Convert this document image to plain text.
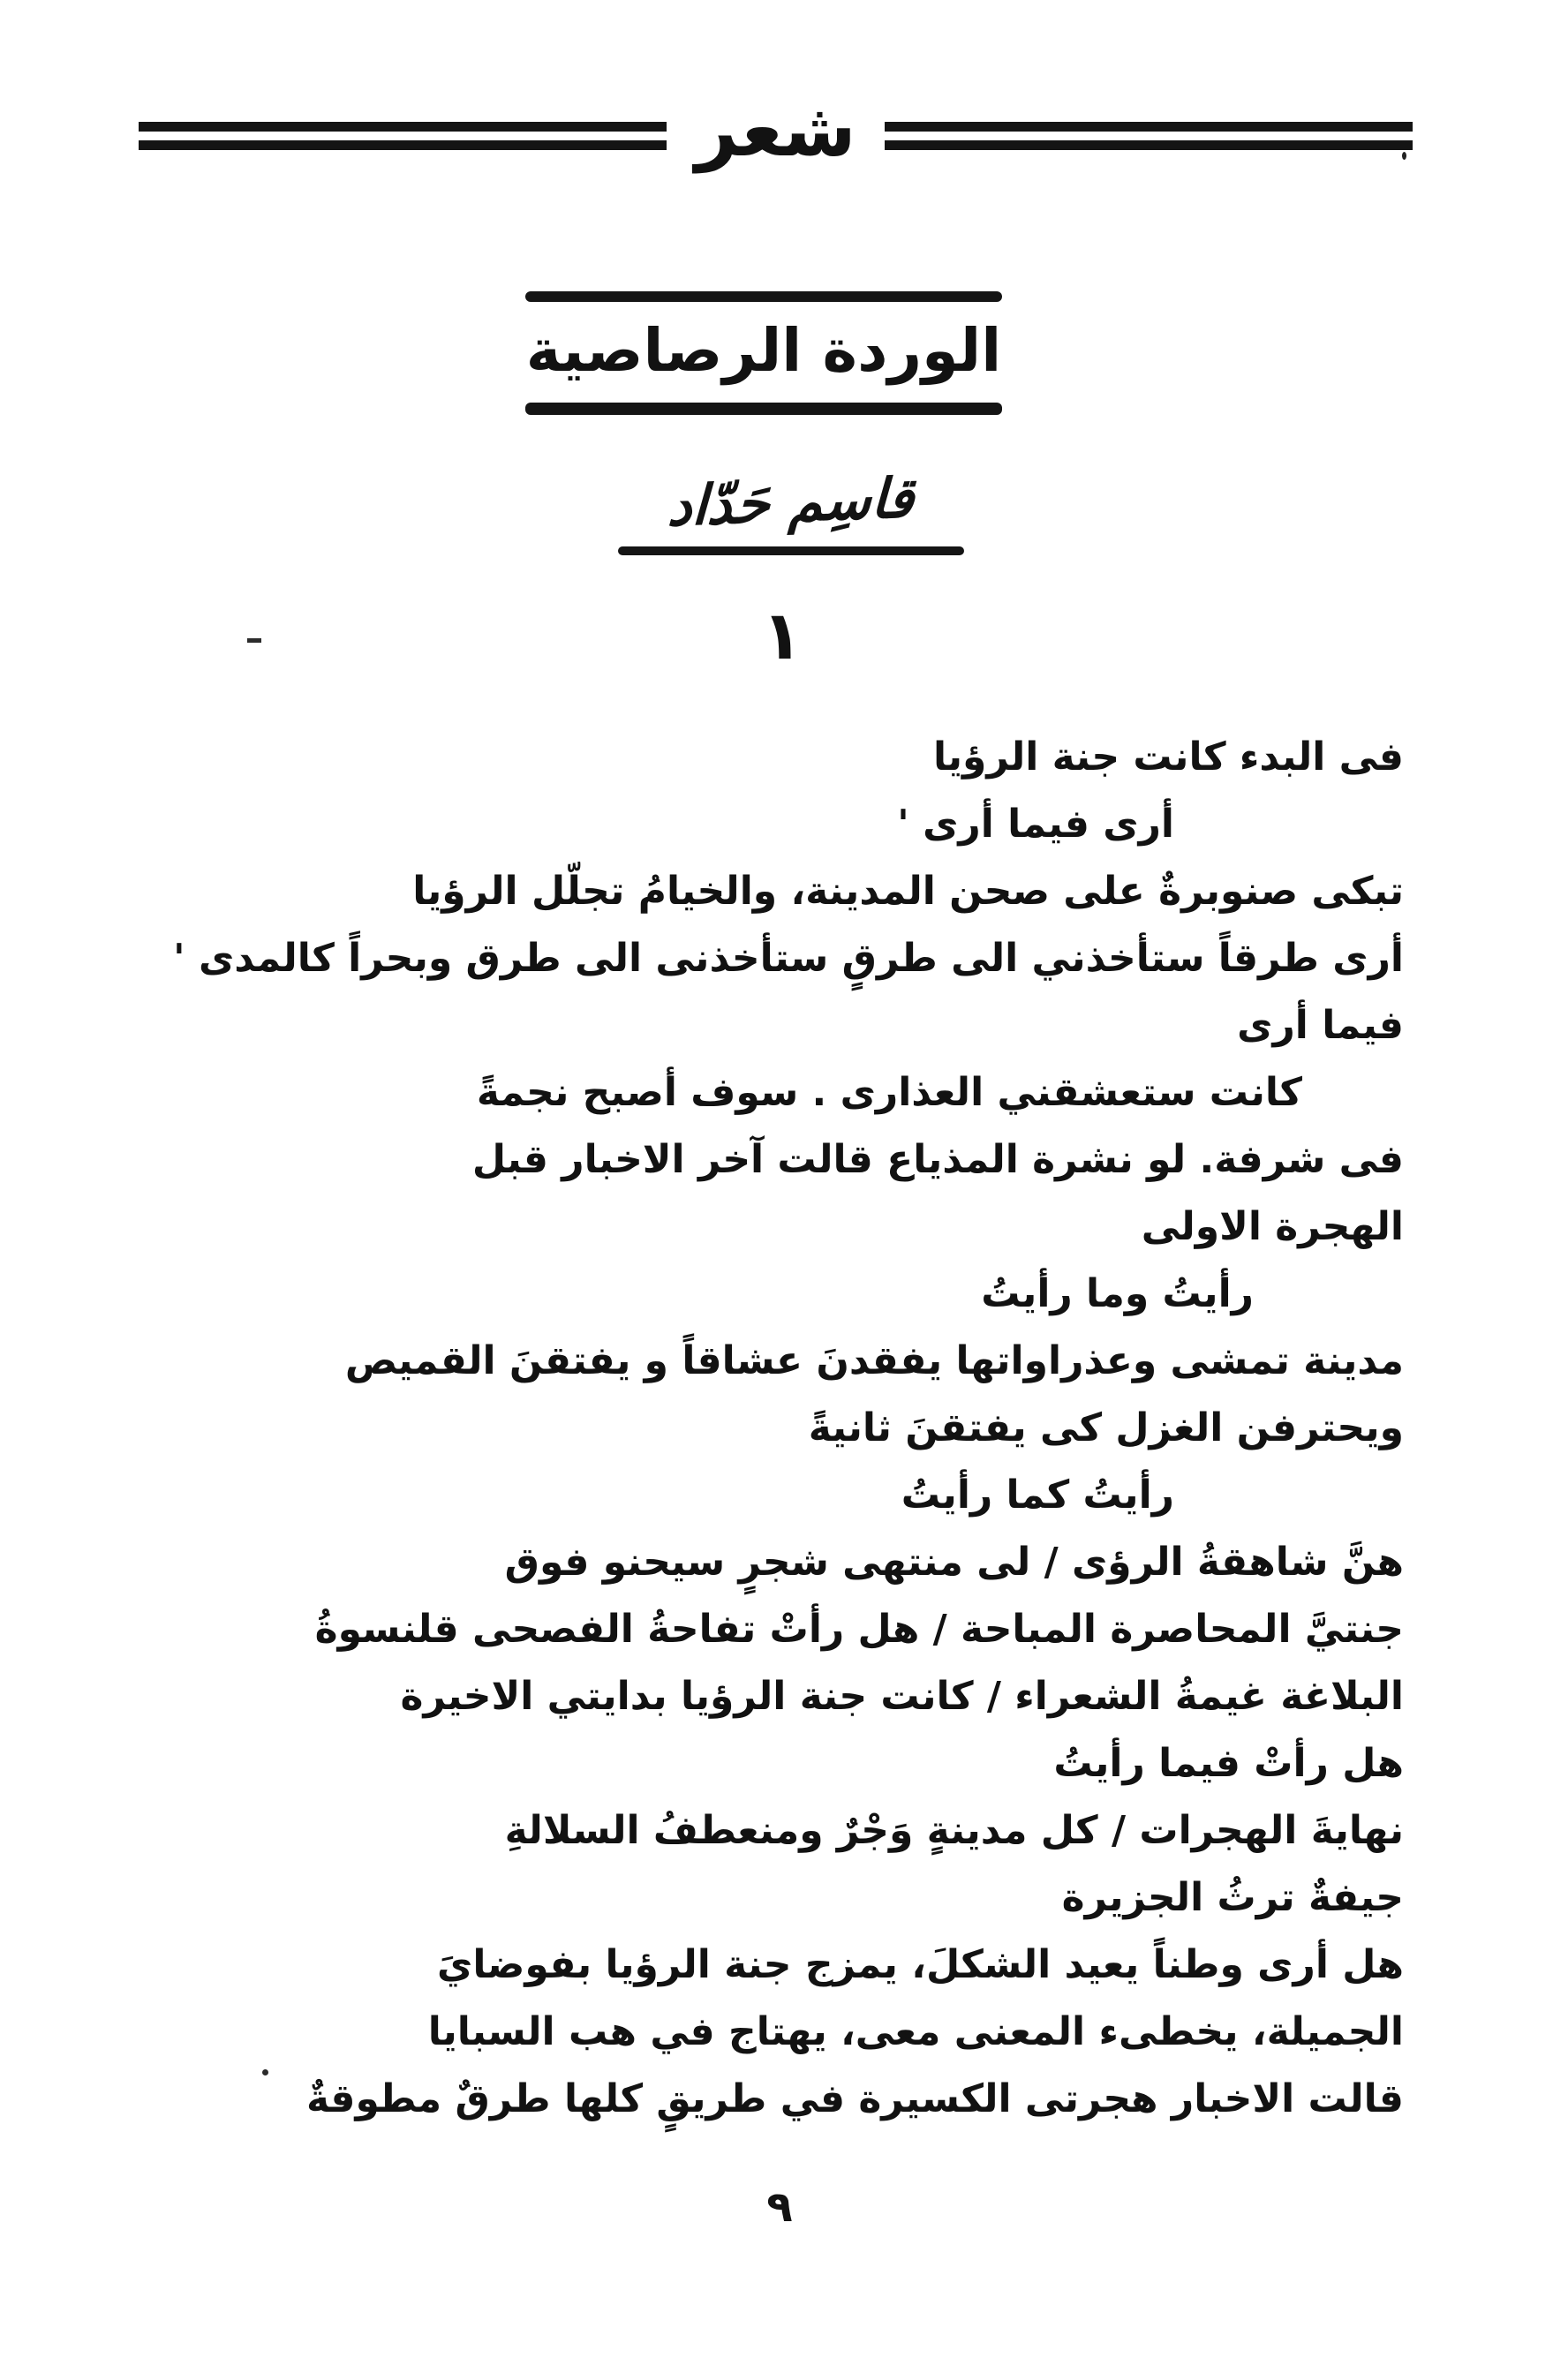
شعر
الوردة الرصاصية
قاسِم حَدّاد
١
فى البدء كانت جنة الرؤيا
أرى فيما أرى '
تبكى صنوبرةٌ على صحن المدينة، والخيامُ تجلّل الرؤيا
أرى طرقاً ستأخذني الى طرقٍ ستأخذنى الى طرق وبحراً كالمدى '
فيما أرى
كانت ستعشقني العذارى . سوف أصبح نجمةً
فى شرفة. لو نشرة المذياع قالت آخر الاخبار قبل
الهجرة الاولى
رأيتُ وما رأيتُ
مدينة تمشى وعذراواتها يفقدنَ عشاقاً و يفتقنَ القميص
ويحترفن الغزل كى يفتقنَ ثانيةً
رأيتُ كما رأيتُ
هنَّ شاهقةُ الرؤى / لى منتهى شجرٍ سيحنو فوق
جنتيَّ المحاصرة المباحة / هل رأتْ تفاحةُ الفصحى قلنسوةُ
البلاغة غيمةُ الشعراء / كانت جنة الرؤيا بدايتي الاخيرة
هل رأتْ فيما رأيتُ
نهايةَ الهجرات / كل مدينةٍ وَجْرٌ ومنعطفُ السلالةِ
جيفةٌ ترثُ الجزيرة
هل أرى وطناً يعيد الشكلَ، يمزج جنة الرؤيا بفوضايَ
الجميلة، يخطىء المعنى معى، يهتاج في هب السبايا
قالت الاخبار هجرتى الكسيرة في طريقٍ كلها طرقٌ مطوقةٌ
٩
